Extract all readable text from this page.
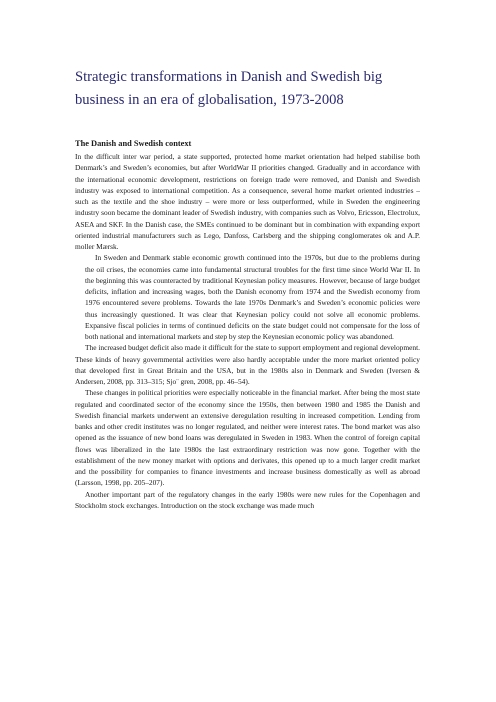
Strategic transformations in Danish and Swedish big business in an era of globalisation, 1973-2008
The Danish and Swedish context

In the difficult inter war period, a state supported, protected home market orientation had helped stabilise both Denmark’s and Sweden’s economies, but after WorldWar II priorities changed. Gradually and in accordance with the international economic development, restrictions on foreign trade were removed, and Danish and Swedish industry was exposed to international competition. As a consequence, several home market oriented industries – such as the textile and the shoe industry – were more or less outperformed, while in Sweden the engineering industry soon became the dominant leader of Swedish industry, with companies such as Volvo, Ericsson, Electrolux, ASEA and SKF. In the Danish case, the SMEs continued to be dominant but in combination with expanding export oriented industrial manufacturers such as Lego, Danfoss, Carlsberg and the shipping conglomerates ok and A.P. moller Mærsk.

In Sweden and Denmark stable economic growth continued into the 1970s, but due to the problems during the oil crises, the economies came into fundamental structural troubles for the first time since World War II. In the beginning this was counteracted by traditional Keynesian policy measures. However, because of large budget deficits, inflation and increasing wages, both the Danish economy from 1974 and the Swedish economy from 1976 encountered severe problems. Towards the late 1970s Denmark’s and Sweden’s economic policies were thus increasingly questioned. It was clear that Keynesian policy could not solve all economic problems. Expansive fiscal policies in terms of continued deficits on the state budget could not compensate for the loss of both national and international markets and step by step the Keynesian economic policy was abandoned.

The increased budget deficit also made it difficult for the state to support employment and regional development. These kinds of heavy governmental activities were also hardly acceptable under the more market oriented policy that developed first in Great Britain and the USA, but in the 1980s also in Denmark and Sweden (Iversen & Andersen, 2008, pp. 313–315; Sjo¨ gren, 2008, pp. 46–54).

These changes in political priorities were especially noticeable in the financial market. After being the most state regulated and coordinated sector of the economy since the 1950s, then between 1980 and 1985 the Danish and Swedish financial markets underwent an extensive deregulation resulting in increased competition. Lending from banks and other credit institutes was no longer regulated, and neither were interest rates. The bond market was also opened as the issuance of new bond loans was deregulated in Sweden in 1983. When the control of foreign capital flows was liberalized in the late 1980s the last extraordinary restriction was now gone. Together with the establishment of the new money market with options and derivates, this opened up to a much larger credit market and the possibility for companies to finance investments and increase business domestically as well as abroad (Larsson, 1998, pp. 205–207).

Another important part of the regulatory changes in the early 1980s were new rules for the Copenhagen and Stockholm stock exchanges. Introduction on the stock exchange was made much
